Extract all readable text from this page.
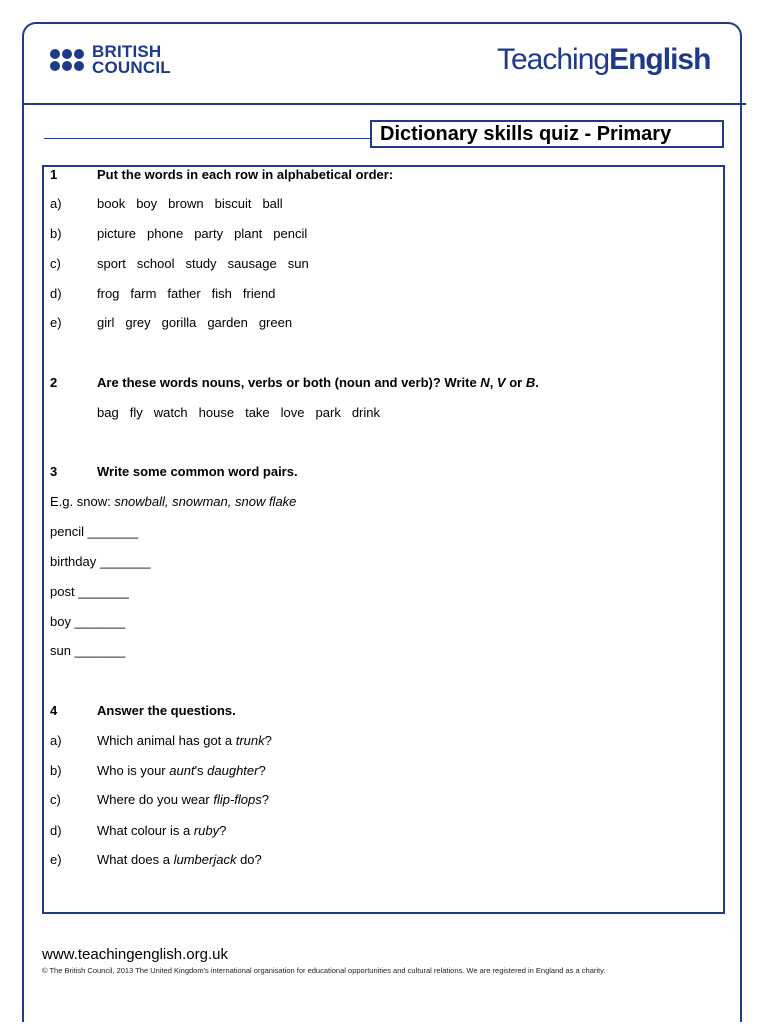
BRITISH
COUNCIL	TeachingEnglish
Dictionary skills quiz - Primary
1	Put the words in each row in alphabetical order:
a)	book boy brown biscuit ball
b)	picture phone party plant pencil
c)	sport school study sausage sun
d)	frog farm father fish friend
e)	girl grey gorilla garden green
2	Are these words nouns, verbs or both (noun and verb)? Write N, V or B.
bag fly watch house take love park drink
3	Write some common word pairs.
E.g. snow: snowball, snowman, snow flake
pencil _______
birthday _______
post _______
boy _______
sun _______
4	Answer the questions.
a)	Which animal has got a trunk?
b)	Who is your aunt's daughter?
c)	Where do you wear flip-flops?
d)	What colour is a ruby?
e)	What does a lumberjack do?
www.teachingenglish.org.uk
© The British Council, 2013 The United Kingdom's international organisation for educational opportunities and cultural relations. We are registered in England as a charity.
